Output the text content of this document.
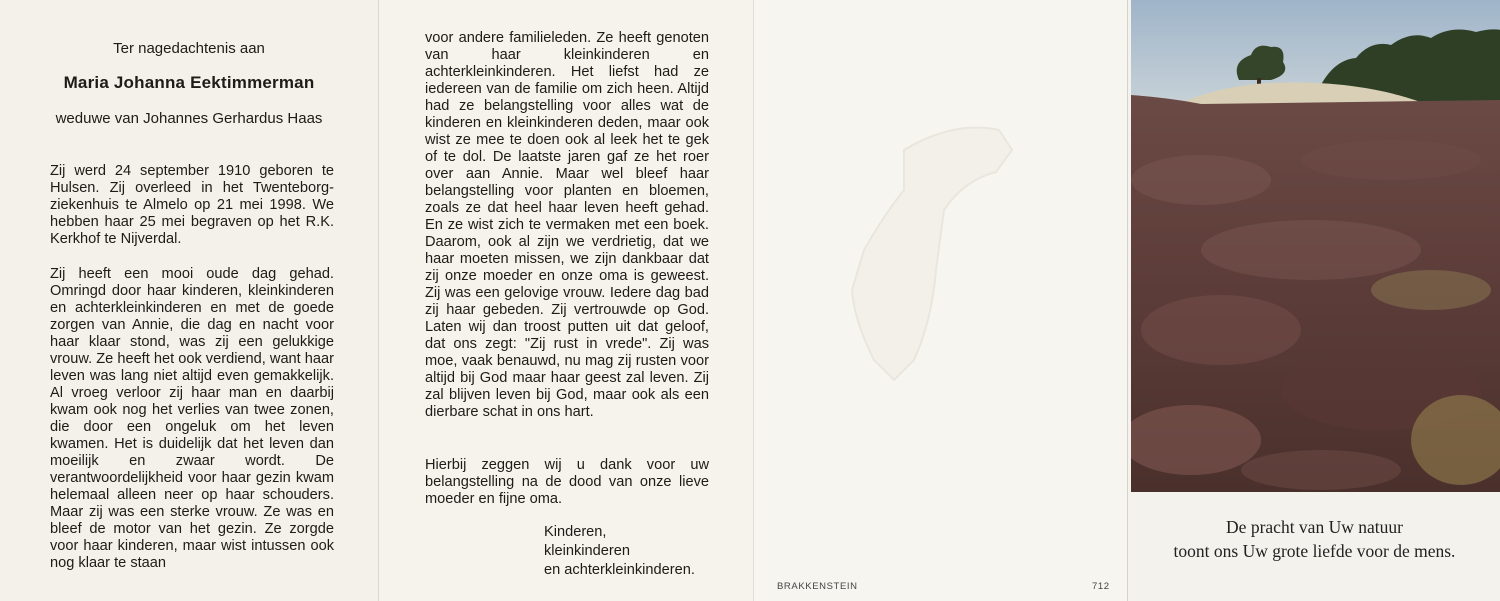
Ter nagedachtenis aan
Maria Johanna Eektimmerman
weduwe van Johannes Gerhardus Haas

Zij werd 24 september 1910 geboren te Hulsen. Zij overleed in het Twenteborg-ziekenhuis te Almelo op 21 mei 1998. We hebben haar 25 mei begraven op het R.K. Kerkhof te Nijverdal.

Zij heeft een mooi oude dag gehad. Omringd door haar kinderen, kleinkinderen en achterkleinkinderen en met de goede zorgen van Annie, die dag en nacht voor haar klaar stond, was zij een gelukkige vrouw. Ze heeft het ook verdiend, want haar leven was lang niet altijd even gemakkelijk. Al vroeg verloor zij haar man en daarbij kwam ook nog het verlies van twee zonen, die door een ongeluk om het leven kwamen. Het is duidelijk dat het leven dan moeilijk en zwaar wordt. De verantwoordelijkheid voor haar gezin kwam helemaal alleen neer op haar schouders. Maar zij was een sterke vrouw. Ze was en bleef de motor van het gezin. Ze zorgde voor haar kinderen, maar wist intussen ook nog klaar te staan

voor andere familieleden. Ze heeft genoten van haar kleinkinderen en achterkleinkinderen. Het liefst had ze iedereen van de familie om zich heen. Altijd had ze belangstelling voor alles wat de kinderen en kleinkinderen deden, maar ook wist ze mee te doen ook al leek het te gek of te dol. De laatste jaren gaf ze het roer over aan Annie. Maar wel bleef haar belangstelling voor planten en bloemen, zoals ze dat heel haar leven heeft gehad. En ze wist zich te vermaken met een boek. Daarom, ook al zijn we verdrietig, dat we haar moeten missen, we zijn dankbaar dat zij onze moeder en onze oma is geweest. Zij was een gelovige vrouw. Iedere dag bad zij haar gebeden. Zij vertrouwde op God. Laten wij dan troost putten uit dat geloof, dat ons zegt: "Zij rust in vrede". Zij was moe, vaak benauwd, nu mag zij rusten voor altijd bij God maar haar geest zal leven. Zij zal blijven leven bij God, maar ook als een dierbare schat in ons hart.

Hierbij zeggen wij u dank voor uw belangstelling na de dood van onze lieve moeder en fijne oma.

Kinderen,
kleinkinderen
en achterkleinkinderen.
BRAKKENSTEIN	712
De pracht van Uw natuur
toont ons Uw grote liefde voor de mens.
